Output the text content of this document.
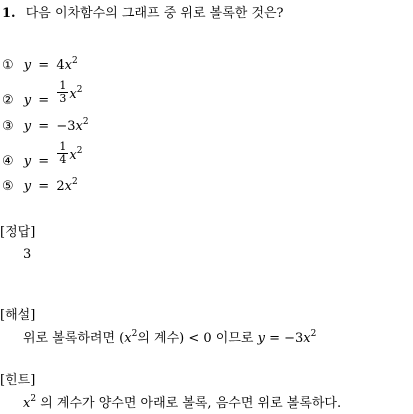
1. 다음 이차함수의 그래프 중 위로 볼록한 것은?
① $y = 4x^2$
② $y = \frac{1}{3} x^2$
③ $y = -3x^2$
④ $y = \frac{1}{4} x^2$
⑤ $y = 2x^2$
[정답]
3
[해설]
위로 볼록하려면 ($x^2$의 계수) < 0 이므로 $y = -3x^2$
[힌트]
$x^2$ 의 계수가 양수면 아래로 볼록, 음수면 위로 볼록하다.
